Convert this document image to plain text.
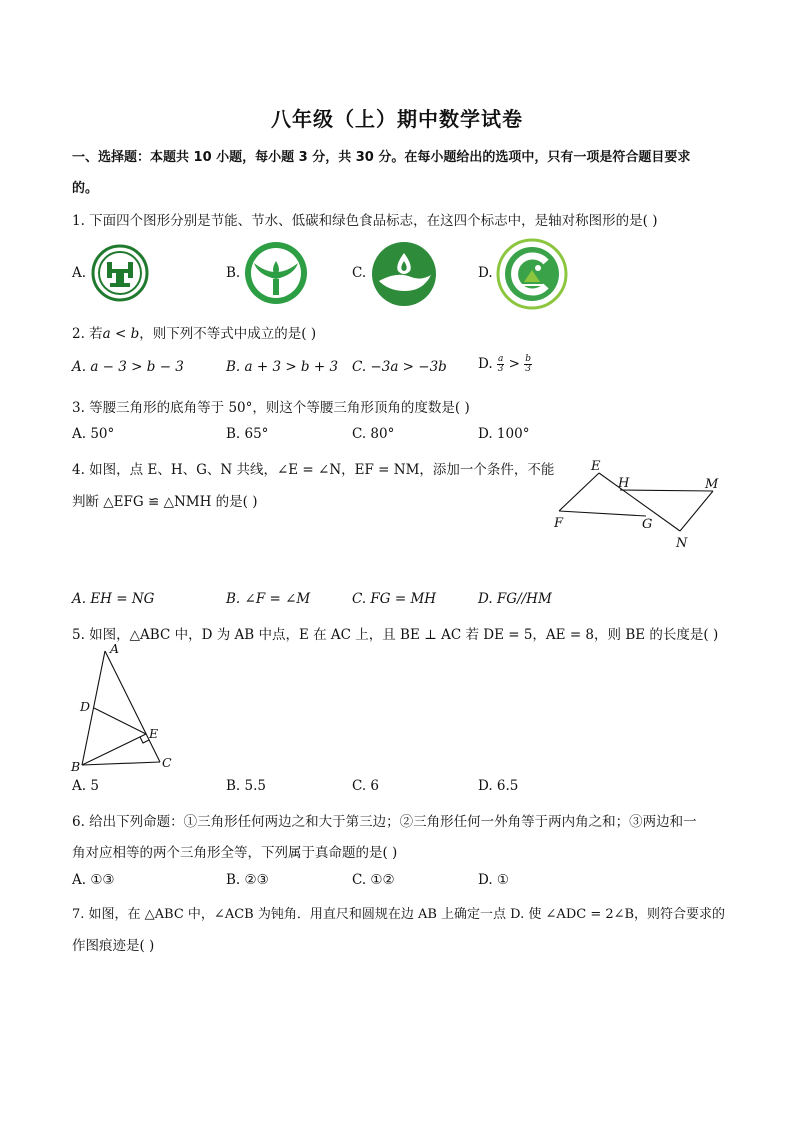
八年级（上）期中数学试卷
一、选择题：本题共 10 小题，每小题 3 分，共 30 分。在每小题给出的选项中，只有一项是符合题目要求
的。
1. 下面四个图形分别是节能、节水、低碳和绿色食品标志，在这四个标志中，是轴对称图形的是( )
A.	B.	C.	D.
2. 若a < b，则下列不等式中成立的是( )
A. a − 3 > b − 3	B. a + 3 > b + 3 C. −3a > −3b D. $\frac{a}{3} > \frac{b}{3}$
3. 等腰三角形的底角等于 50°，则这个等腰三角形顶角的度数是( )
A. 50°	B. 65°	C. 80°	D. 100°
4. 如图，点 E、H、G、N 共线，∠E = ∠N，EF = NM，添加一个条件，不能
判断 △EFG ≌ △NMH 的是( )
E
H	M
F	G
N
A. EH = NG	B. ∠F = ∠M	C. FG = MH	D. FG//HM
5. 如图，△ABC 中，D 为 AB 中点，E 在 AC 上，且 BE ⊥ AC 若 DE = 5，AE = 8，则 BE 的长度是( )
A
D
E
B	C
A. 5	B. 5.5	C. 6	D. 6.5
6. 给出下列命题：①三角形任何两边之和大于第三边；②三角形任何一外角等于两内角之和；③两边和一
角对应相等的两个三角形全等，下列属于真命题的是( )
A. ①③	B. ②③	C. ①②	D. ①
7. 如图，在 △ABC 中，∠ACB 为钝角．用直尺和圆规在边 AB 上确定一点 D. 使 ∠ADC = 2∠B，则符合要求的
作图痕迹是( )
